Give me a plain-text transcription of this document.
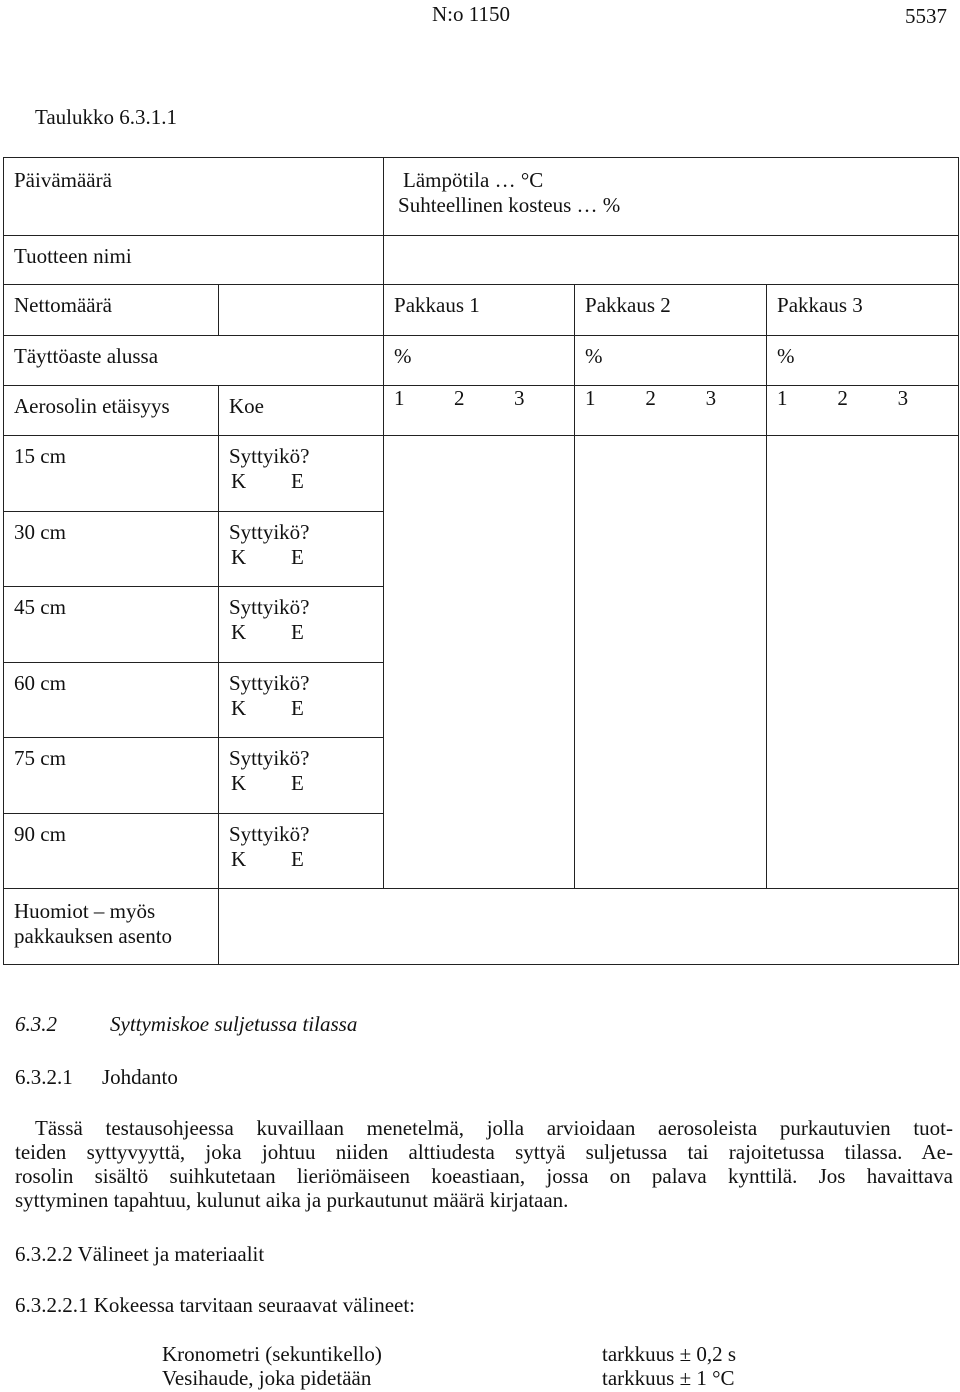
N:o 1150	5537
Taulukko 6.3.1.1
Päivämäärä		Lämpötila … °C
Suhteellinen kosteus … %		

Tuotteen nimi				
Nettomäärä		Pakkaus 1	Pakkaus 2	Pakkaus 3
Täyttöaste alussa		%	%	%
Aerosolin etäisyys	Koe	1 2 3	1 2 3	1 2 3

15 cm	Syttyikö?
K E			

30 cm	Syttyikö?
K E			

45 cm	Syttyikö?
K E			

60 cm	Syttyikö?
K E			

75 cm	Syttyikö?
K E			

90 cm	Syttyikö?
K E			

Huomiot – myös
pakkauksen asento				

6.3.2	Syttymiskoe suljetussa tilassa
6.3.2.1 Johdanto
Tässä testausohjeessa kuvaillaan menetelmä, jolla arvioidaan aerosoleista purkautuvien tuot-
teiden syttyvyyttä, joka johtuu niiden alttiudesta syttyä suljetussa tai rajoitetussa tilassa. Ae-
rosolin sisältö suihkutetaan lieriömäiseen koeastiaan, jossa on palava kynttilä. Jos havaittava
syttyminen tapahtuu, kulunut aika ja purkautunut määrä kirjataan.
6.3.2.2 Välineet ja materiaalit
6.3.2.2.1 Kokeessa tarvitaan seuraavat välineet:
Kronometri (sekuntikello)	tarkkuus ± 0,2 s
Vesihaude, joka pidetään	tarkkuus ± 1 °C
